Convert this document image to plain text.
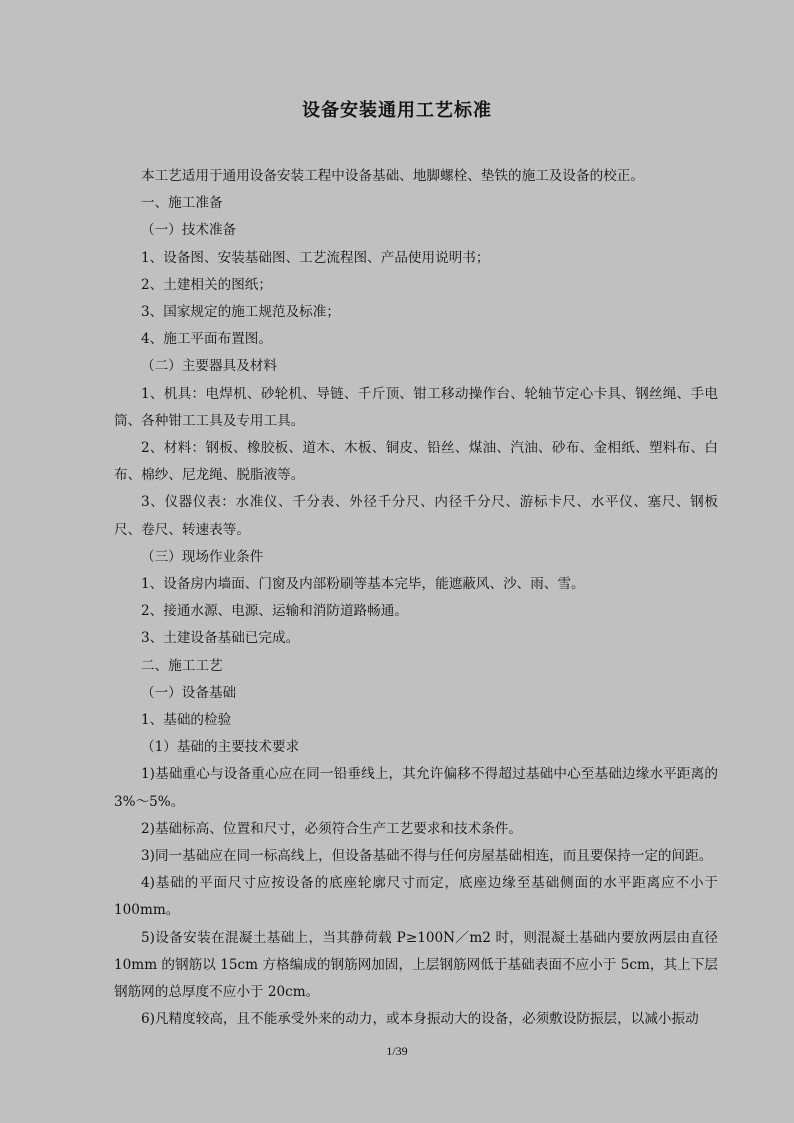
设备安装通用工艺标准

本工艺适用于通用设备安装工程中设备基础、地脚螺栓、垫铁的施工及设备的校正。

一、施工准备

（一）技术准备

1、设备图、安装基础图、工艺流程图、产品使用说明书；

2、土建相关的图纸；

3、国家规定的施工规范及标准；

4、施工平面布置图。

（二）主要器具及材料

1、机具：电焊机、砂轮机、导链、千斤顶、钳工移动操作台、轮轴节定心卡具、钢丝绳、手电筒、各种钳工工具及专用工具。

2、材料：钢板、橡胶板、道木、木板、铜皮、铅丝、煤油、汽油、砂布、金相纸、塑料布、白布、棉纱、尼龙绳、脱脂液等。

3、仪器仪表：水准仪、千分表、外径千分尺、内径千分尺、游标卡尺、水平仪、塞尺、钢板尺、卷尺、转速表等。

（三）现场作业条件

1、设备房内墙面、门窗及内部粉刷等基本完毕，能遮蔽风、沙、雨、雪。

2、接通水源、电源、运输和消防道路畅通。

3、土建设备基础已完成。

二、施工工艺

（一）设备基础

1、基础的检验

（1）基础的主要技术要求

1)基础重心与设备重心应在同一铅垂线上，其允许偏移不得超过基础中心至基础边缘水平距离的 3%～5%。

2)基础标高、位置和尺寸，必须符合生产工艺要求和技术条件。

3)同一基础应在同一标高线上，但设备基础不得与任何房屋基础相连，而且要保持一定的间距。

4)基础的平面尺寸应按设备的底座轮廓尺寸而定，底座边缘至基础侧面的水平距离应不小于 100mm。

5)设备安装在混凝土基础上，当其静荷载 P≥100N／m2 时，则混凝土基础内要放两层由直径 10mm 的钢筋以 15cm 方格编成的钢筋网加固，上层钢筋网低于基础表面不应小于 5cm，其上下层钢筋网的总厚度不应小于 20cm。

6)凡精度较高，且不能承受外来的动力，或本身振动大的设备，必须敷设防振层，以减小振动

1/39
